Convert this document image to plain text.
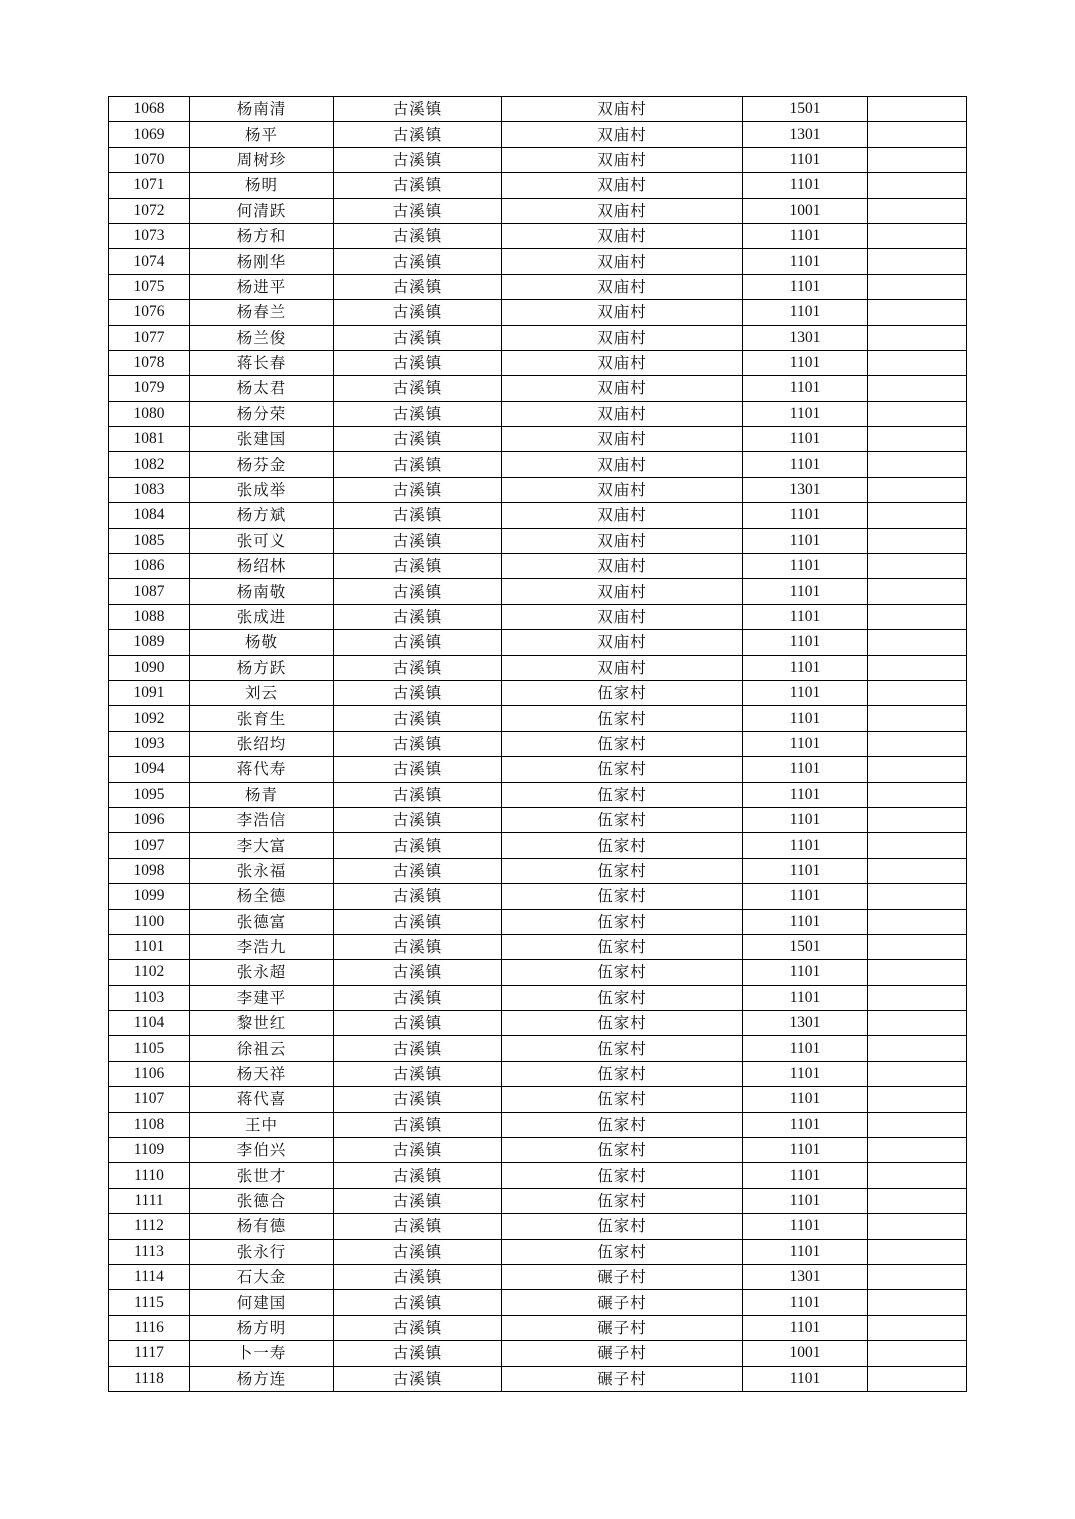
1068	杨南清	古溪镇	双庙村	1501	
1069	杨平	古溪镇	双庙村	1301	
1070	周树珍	古溪镇	双庙村	1101	
1071	杨明	古溪镇	双庙村	1101	
1072	何清跃	古溪镇	双庙村	1001	
1073	杨方和	古溪镇	双庙村	1101	
1074	杨刚华	古溪镇	双庙村	1101	
1075	杨进平	古溪镇	双庙村	1101	
1076	杨春兰	古溪镇	双庙村	1101	
1077	杨兰俊	古溪镇	双庙村	1301	
1078	蒋长春	古溪镇	双庙村	1101	
1079	杨太君	古溪镇	双庙村	1101	
1080	杨分荣	古溪镇	双庙村	1101	
1081	张建国	古溪镇	双庙村	1101	
1082	杨芬金	古溪镇	双庙村	1101	
1083	张成举	古溪镇	双庙村	1301	
1084	杨方斌	古溪镇	双庙村	1101	
1085	张可义	古溪镇	双庙村	1101	
1086	杨绍林	古溪镇	双庙村	1101	
1087	杨南敬	古溪镇	双庙村	1101	
1088	张成进	古溪镇	双庙村	1101	
1089	杨敬	古溪镇	双庙村	1101	
1090	杨方跃	古溪镇	双庙村	1101	
1091	刘云	古溪镇	伍家村	1101	
1092	张育生	古溪镇	伍家村	1101	
1093	张绍均	古溪镇	伍家村	1101	
1094	蒋代寿	古溪镇	伍家村	1101	
1095	杨青	古溪镇	伍家村	1101	
1096	李浩信	古溪镇	伍家村	1101	
1097	李大富	古溪镇	伍家村	1101	
1098	张永福	古溪镇	伍家村	1101	
1099	杨全德	古溪镇	伍家村	1101	
1100	张德富	古溪镇	伍家村	1101	
1101	李浩九	古溪镇	伍家村	1501	
1102	张永超	古溪镇	伍家村	1101	
1103	李建平	古溪镇	伍家村	1101	
1104	黎世红	古溪镇	伍家村	1301	
1105	徐祖云	古溪镇	伍家村	1101	
1106	杨天祥	古溪镇	伍家村	1101	
1107	蒋代喜	古溪镇	伍家村	1101	
1108	王中	古溪镇	伍家村	1101	
1109	李伯兴	古溪镇	伍家村	1101	
1110	张世才	古溪镇	伍家村	1101	
1111	张德合	古溪镇	伍家村	1101	
1112	杨有德	古溪镇	伍家村	1101	
1113	张永行	古溪镇	伍家村	1101	
1114	石大金	古溪镇	碾子村	1301	
1115	何建国	古溪镇	碾子村	1101	
1116	杨方明	古溪镇	碾子村	1101	
1117	卜一寿	古溪镇	碾子村	1001	
1118	杨方连	古溪镇	碾子村	1101	
